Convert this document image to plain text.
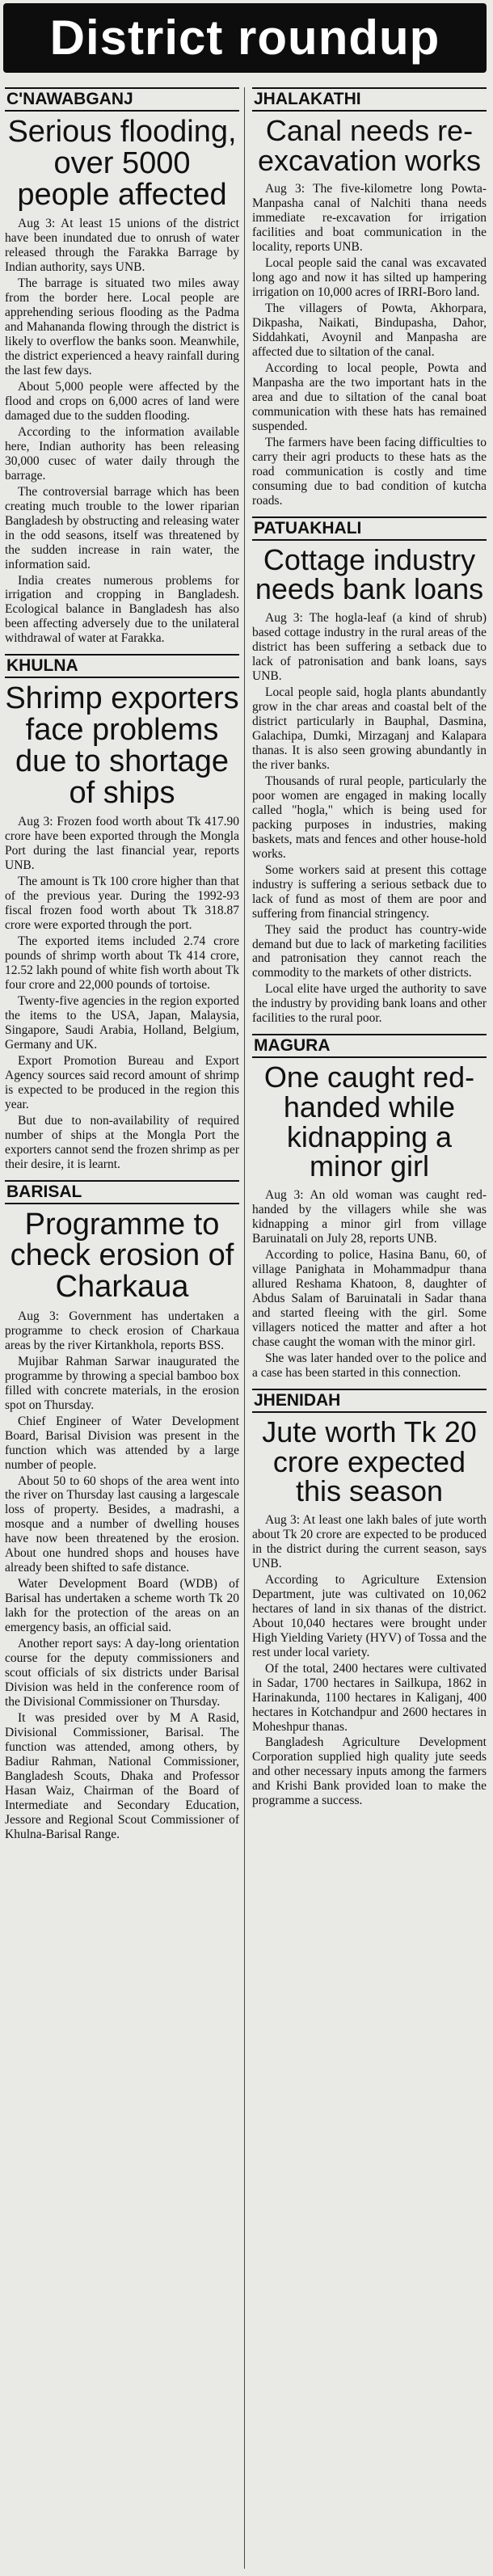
District roundup
C'NAWABGANJ
Serious flooding, over 5000 people affected

Aug 3: At least 15 unions of the district have been inundated due to onrush of water released through the Farakka Barrage by Indian authority, says UNB.

The barrage is situated two miles away from the border here. Local people are apprehending serious flooding as the Padma and Mahananda flowing through the district is likely to overflow the banks soon. Meanwhile, the district experienced a heavy rainfall during the last few days.

About 5,000 people were affected by the flood and crops on 6,000 acres of land were damaged due to the sudden flooding.

According to the information available here, Indian authority has been releasing 30,000 cusec of water daily through the barrage.

The controversial barrage which has been creating much trouble to the lower riparian Bangladesh by obstructing and releasing water in the odd seasons, itself was threatened by the sudden increase in rain water, the information said.

India creates numerous problems for irrigation and cropping in Bangladesh. Ecological balance in Bangladesh has also been affecting adversely due to the unilateral withdrawal of water at Farakka.

KHULNA
Shrimp exporters face problems due to shortage of ships

Aug 3: Frozen food worth about Tk 417.90 crore have been exported through the Mongla Port during the last financial year, reports UNB.

The amount is Tk 100 crore higher than that of the previous year. During the 1992-93 fiscal frozen food worth about Tk 318.87 crore were exported through the port.

The exported items included 2.74 crore pounds of shrimp worth about Tk 414 crore, 12.52 lakh pound of white fish worth about Tk four crore and 22,000 pounds of tortoise.

Twenty-five agencies in the region exported the items to the USA, Japan, Malaysia, Singapore, Saudi Arabia, Holland, Belgium, Germany and UK.

Export Promotion Bureau and Export Agency sources said record amount of shrimp is expected to be produced in the region this year.

But due to non-availability of required number of ships at the Mongla Port the exporters cannot send the frozen shrimp as per their desire, it is learnt.

BARISAL
Programme to check erosion of Charkaua

Aug 3: Government has undertaken a programme to check erosion of Charkaua areas by the river Kirtankhola, reports BSS.

Mujibar Rahman Sarwar inaugurated the programme by throwing a special bamboo box filled with concrete materials, in the erosion spot on Thursday.

Chief Engineer of Water Development Board, Barisal Division was present in the function which was attended by a large number of people.

About 50 to 60 shops of the area went into the river on Thursday last causing a largescale loss of property. Besides, a madrashi, a mosque and a number of dwelling houses have now been threatened by the erosion. About one hundred shops and houses have already been shifted to safe distance.

Water Development Board (WDB) of Barisal has undertaken a scheme worth Tk 20 lakh for the protection of the areas on an emergency basis, an official said.

Another report says: A day-long orientation course for the deputy commissioners and scout officials of six districts under Barisal Division was held in the conference room of the Divisional Commissioner on Thursday.

It was presided over by M A Rasid, Divisional Commissioner, Barisal. The function was attended, among others, by Badiur Rahman, National Commissioner, Bangladesh Scouts, Dhaka and Professor Hasan Waiz, Chairman of the Board of Intermediate and Secondary Education, Jessore and Regional Scout Commissioner of Khulna-Barisal Range.

JHALAKATHI
Canal needs re-excavation works

Aug 3: The five-kilometre long Powta-Manpasha canal of Nalchiti thana needs immediate re-excavation for irrigation facilities and boat communication in the locality, reports UNB.

Local people said the canal was excavated long ago and now it has silted up hampering irrigation on 10,000 acres of IRRI-Boro land.

The villagers of Powta, Akhorpara, Dikpasha, Naikati, Bindupasha, Dahor, Siddahkati, Avoynil and Manpasha are affected due to siltation of the canal.

According to local people, Powta and Manpasha are the two important hats in the area and due to siltation of the canal boat communication with these hats has remained suspended.

The farmers have been facing difficulties to carry their agri products to these hats as the road communication is costly and time consuming due to bad condition of kutcha roads.

PATUAKHALI
Cottage industry needs bank loans

Aug 3: The hogla-leaf (a kind of shrub) based cottage industry in the rural areas of the district has been suffering a setback due to lack of patronisation and bank loans, says UNB.

Local people said, hogla plants abundantly grow in the char areas and coastal belt of the district particularly in Bauphal, Dasmina, Galachipa, Dumki, Mirzaganj and Kalapara thanas. It is also seen growing abundantly in the river banks.

Thousands of rural people, particularly the poor women are engaged in making locally called "hogla," which is being used for packing purposes in industries, making baskets, mats and fences and other house-hold works.

Some workers said at present this cottage industry is suffering a serious setback due to lack of fund as most of them are poor and suffering from financial stringency.

They said the product has country-wide demand but due to lack of marketing facilities and patronisation they cannot reach the commodity to the markets of other districts.

Local elite have urged the authority to save the industry by providing bank loans and other facilities to the rural poor.

MAGURA
One caught red-handed while kidnapping a minor girl

Aug 3: An old woman was caught red-handed by the villagers while she was kidnapping a minor girl from village Baruinatali on July 28, reports UNB.

According to police, Hasina Banu, 60, of village Panighata in Mohammadpur thana allured Reshama Khatoon, 8, daughter of Abdus Salam of Baruinatali in Sadar thana and started fleeing with the girl. Some villagers noticed the matter and after a hot chase caught the woman with the minor girl.

She was later handed over to the police and a case has been started in this connection.

JHENIDAH
Jute worth Tk 20 crore expected this season

Aug 3: At least one lakh bales of jute worth about Tk 20 crore are expected to be produced in the district during the current season, says UNB.

According to Agriculture Extension Department, jute was cultivated on 10,062 hectares of land in six thanas of the district. About 10,040 hectares were brought under High Yielding Variety (HYV) of Tossa and the rest under local variety.

Of the total, 2400 hectares were cultivated in Sadar, 1700 hectares in Sailkupa, 1862 in Harinakunda, 1100 hectares in Kaliganj, 400 hectares in Kotchandpur and 2600 hectares in Moheshpur thanas.

Bangladesh Agriculture Development Corporation supplied high quality jute seeds and other necessary inputs among the farmers and Krishi Bank provided loan to make the programme a success.
